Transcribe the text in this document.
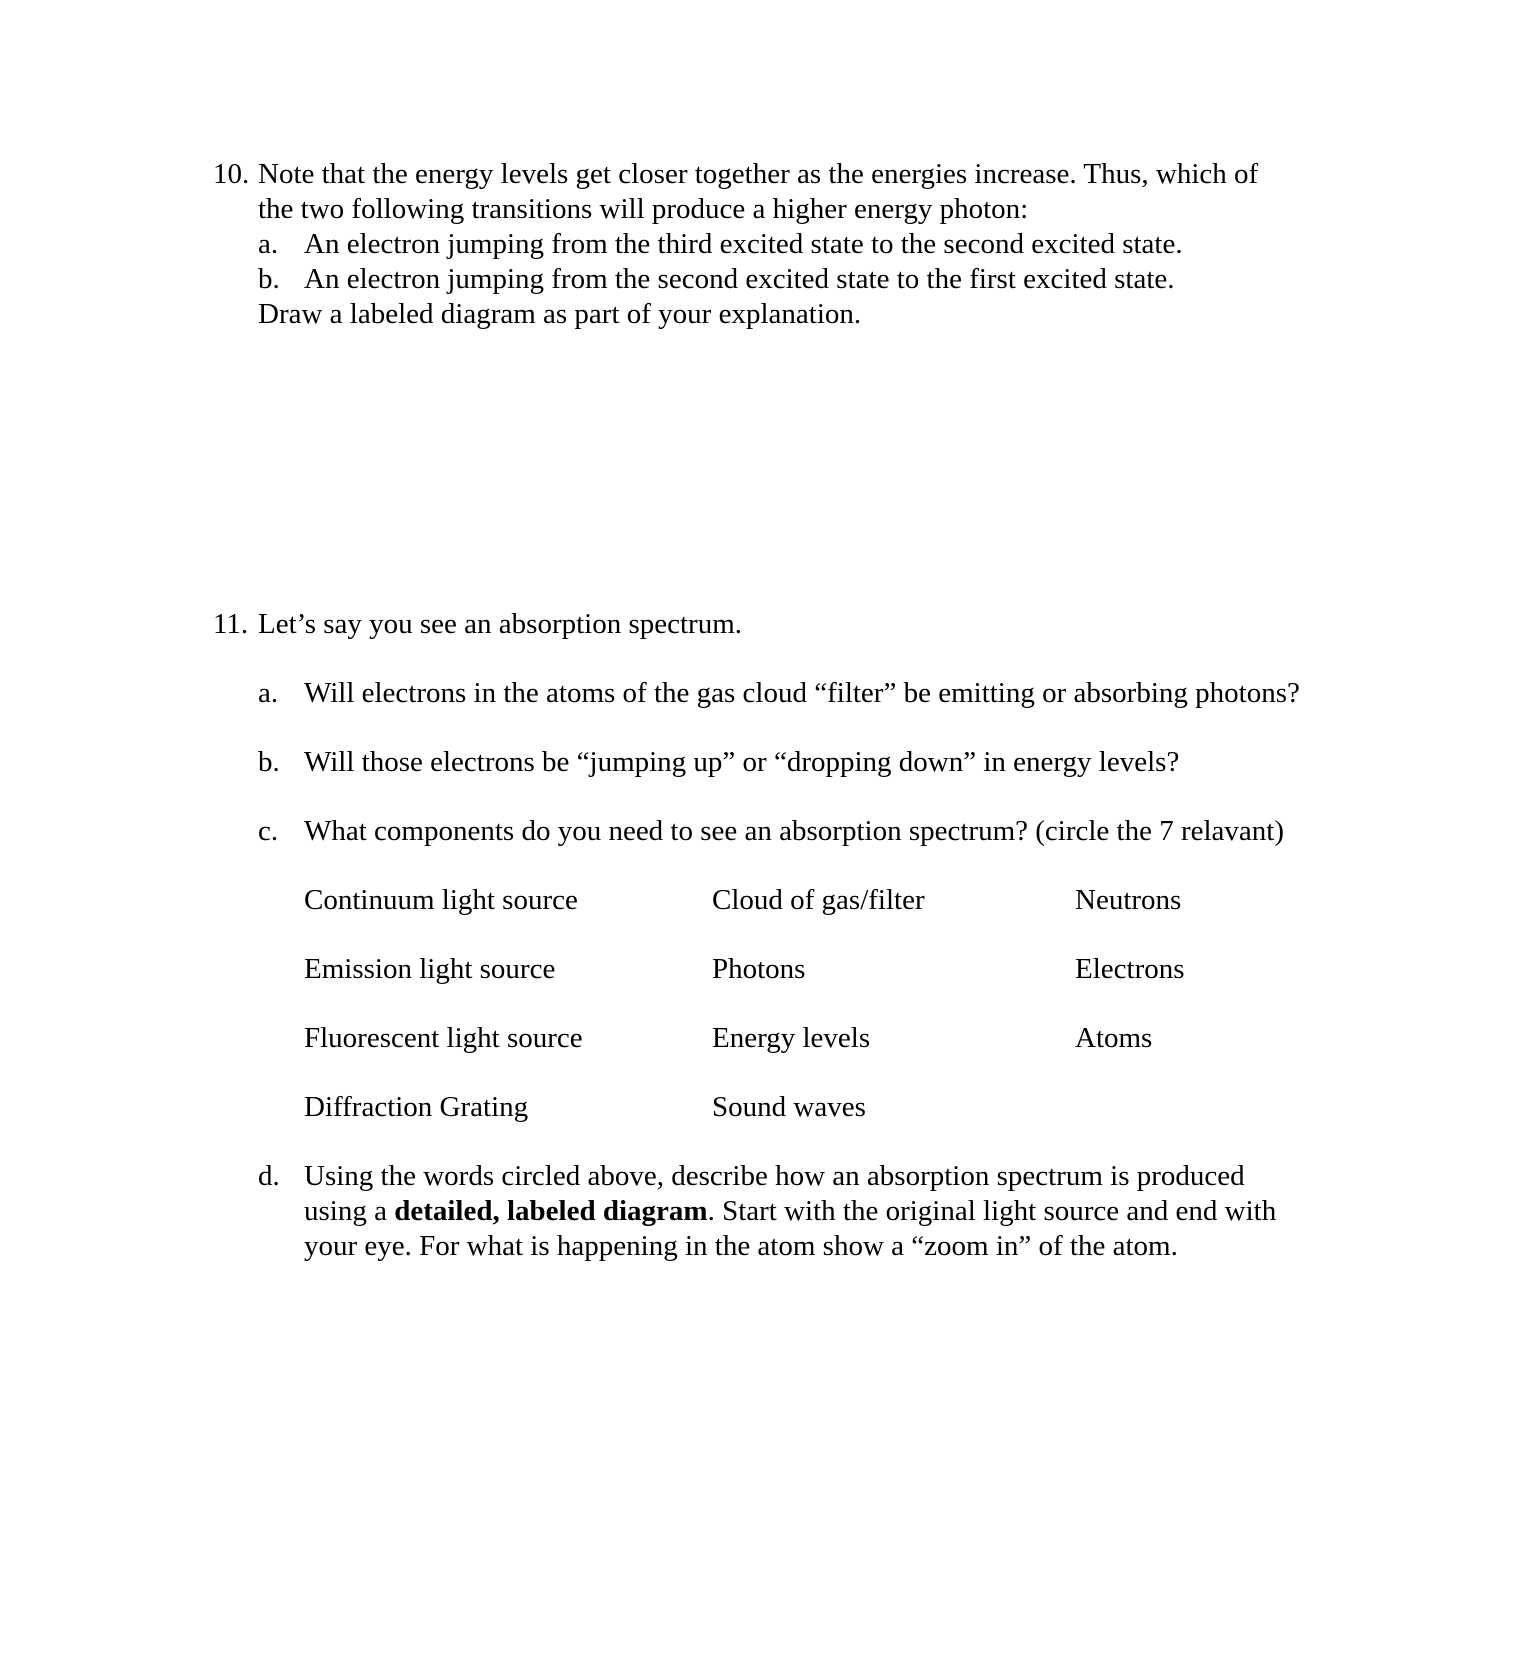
10. Note that the energy levels get closer together as the energies increase. Thus, which of
the two following transitions will produce a higher energy photon:
a. An electron jumping from the third excited state to the second excited state.
b. An electron jumping from the second excited state to the first excited state.
Draw a labeled diagram as part of your explanation.
11. Let’s say you see an absorption spectrum.
a. Will electrons in the atoms of the gas cloud “filter” be emitting or absorbing photons?
b. Will those electrons be “jumping up” or “dropping down” in energy levels?
c. What components do you need to see an absorption spectrum? (circle the 7 relavant)
Continuum light source	Cloud of gas/filter	Neutrons
Emission light source	Photons	Electrons
Fluorescent light source	Energy levels	Atoms
Diffraction Grating	Sound waves
d. Using the words circled above, describe how an absorption spectrum is produced
using a detailed, labeled diagram. Start with the original light source and end with
your eye. For what is happening in the atom show a “zoom in” of the atom.
